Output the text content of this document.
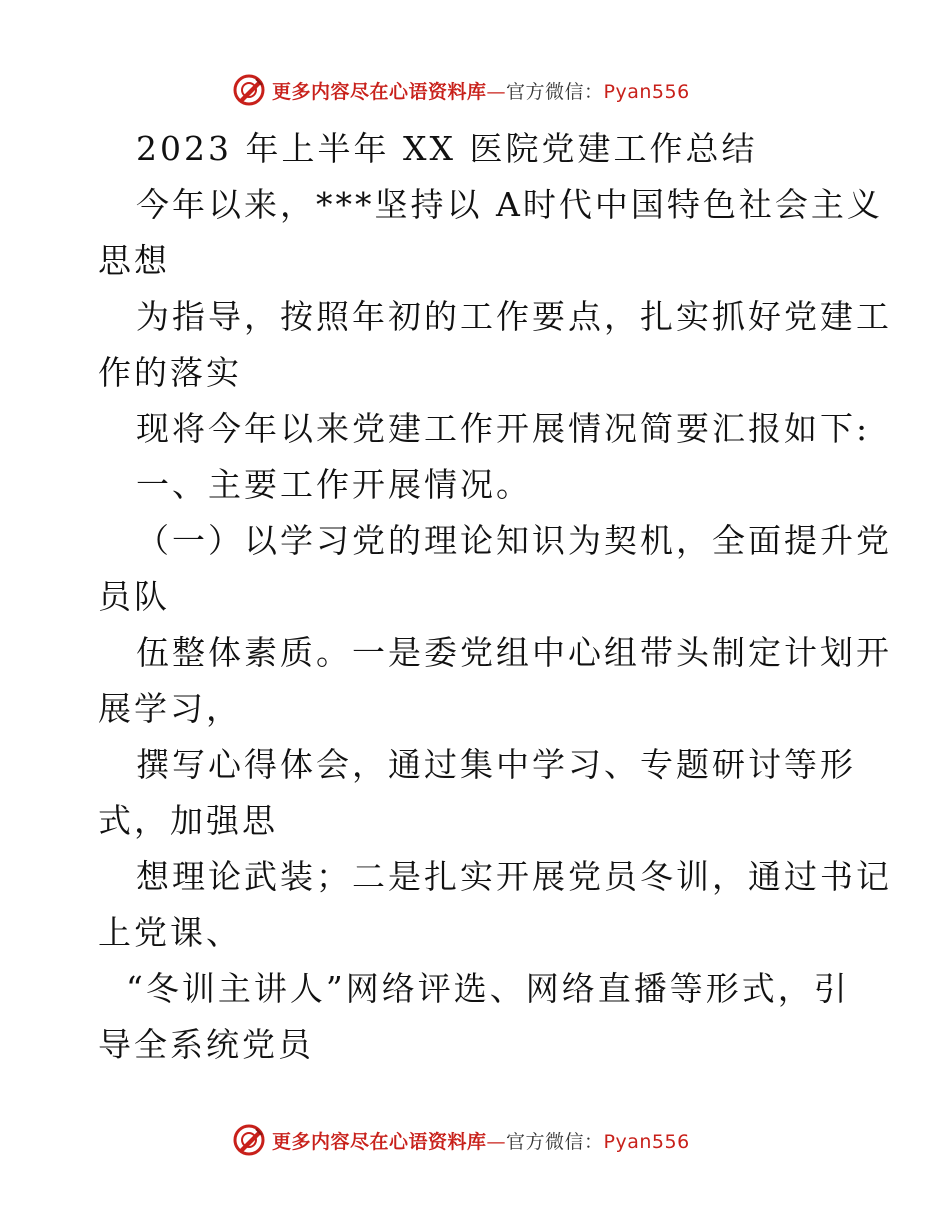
更多内容尽在心语资料库—官方微信：Pyan556
2023 年上半年 XX 医院党建工作总结
今年以来，***坚持以 A时代中国特色社会主义
思想
为指导，按照年初的工作要点，扎实抓好党建工
作的落实
现将今年以来党建工作开展情况简要汇报如下:
一、主要工作开展情况。
（一）以学习党的理论知识为契机，全面提升党
员队
伍整体素质。一是委党组中心组带头制定计划开
展学习，
撰写心得体会，通过集中学习、专题研讨等形
式，加强思
想理论武装；二是扎实开展党员冬训，通过书记
上党课、
“冬训主讲人”网络评选、网络直播等形式，引
导全系统党员
更多内容尽在心语资料库—官方微信：Pyan556
